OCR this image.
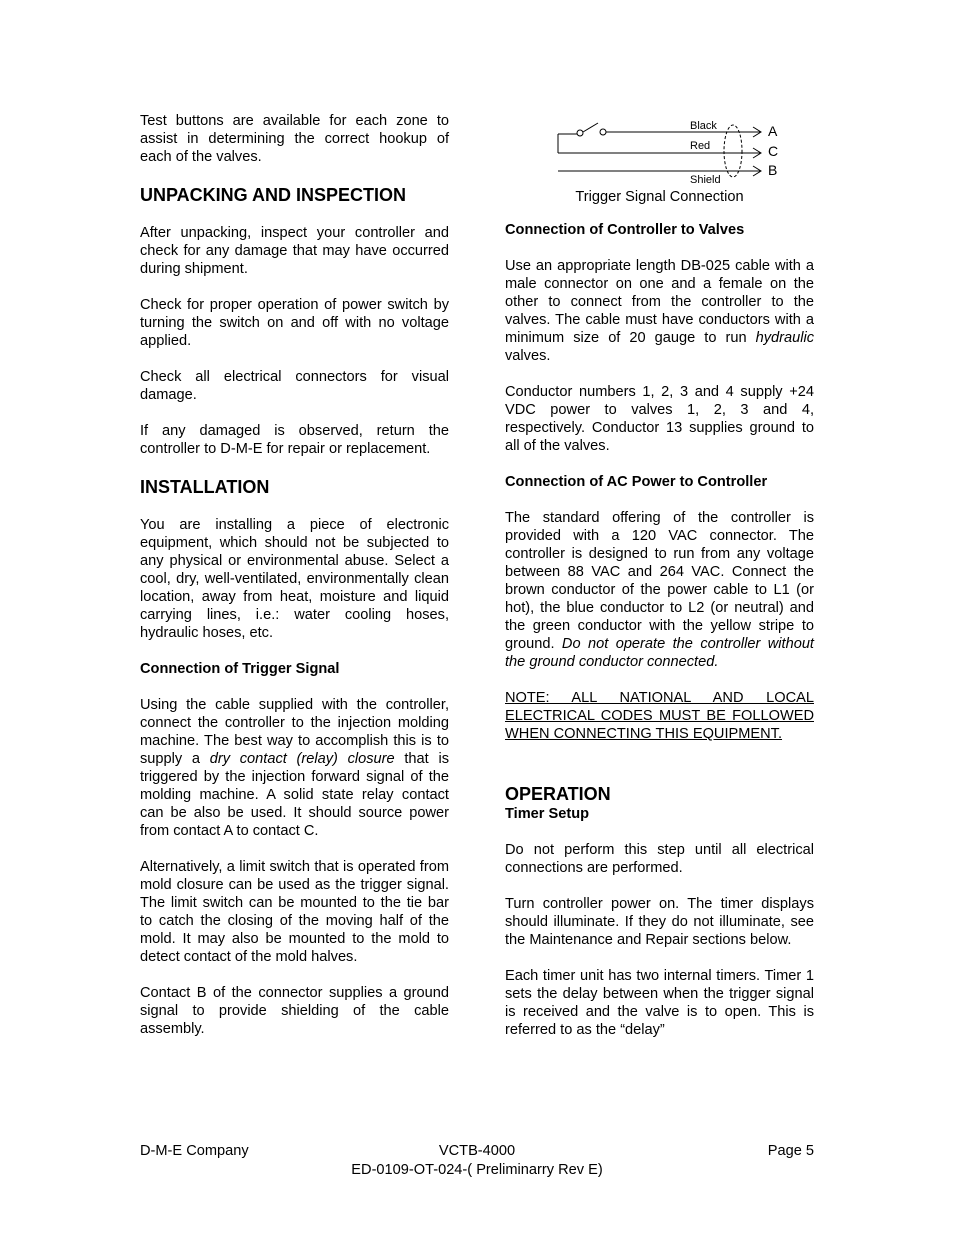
Test buttons are available for each zone to assist in determining the correct hookup of each of the valves.

UNPACKING AND INSPECTION

After unpacking, inspect your controller and check for any damage that may have occurred during shipment.

Check for proper operation of power switch by turning the switch on and off with no voltage applied.

Check all electrical connectors for visual damage.

If any damaged is observed, return the controller to D-M-E for repair or replacement.

INSTALLATION

You are installing a piece of electronic equipment, which should not be subjected to any physical or environmental abuse. Select a cool, dry, well-ventilated, environmentally clean location, away from heat, moisture and liquid carrying lines, i.e.: water cooling hoses, hydraulic hoses, etc.

Connection of Trigger Signal

Using the cable supplied with the controller, connect the controller to the injection molding machine. The best way to accomplish this is to supply a dry contact (relay) closure that is triggered by the injection forward signal of the molding machine. A solid state relay contact can be also be used. It should source power from contact A to contact C.

Alternatively, a limit switch that is operated from mold closure can be used as the trigger signal. The limit switch can be mounted to the tie bar to catch the closing of the moving half of the mold. It may also be mounted to the mold to detect contact of the mold halves.

Contact B of the connector supplies a ground signal to provide shielding of the cable assembly.

Black
Red
Shield
A
C
B
Trigger Signal Connection
Connection of Controller to Valves

Use an appropriate length DB-025 cable with a male connector on one and a female on the other to connect from the controller to the valves. The cable must have conductors with a minimum size of 20 gauge to run hydraulic valves.

Conductor numbers 1, 2, 3 and 4 supply +24 VDC power to valves 1, 2, 3 and 4, respectively. Conductor 13 supplies ground to all of the valves.

Connection of AC Power to Controller

The standard offering of the controller is provided with a 120 VAC connector. The controller is designed to run from any voltage between 88 VAC and 264 VAC. Connect the brown conductor of the power cable to L1 (or hot), the blue conductor to L2 (or neutral) and the green conductor with the yellow stripe to ground. Do not operate the controller without the ground conductor connected.

NOTE: ALL NATIONAL AND LOCAL ELECTRICAL CODES MUST BE FOLLOWED WHEN CONNECTING THIS EQUIPMENT.

OPERATION
Timer Setup

Do not perform this step until all electrical connections are performed.

Turn controller power on. The timer displays should illuminate. If they do not illuminate, see the Maintenance and Repair sections below.

Each timer unit has two internal timers. Timer 1 sets the delay between when the trigger signal is received and the valve is to open. This is referred to as the “delay”

D-M-E Company	VCTB-4000	Page 5
ED-0109-OT-024-( Preliminarry Rev E)
